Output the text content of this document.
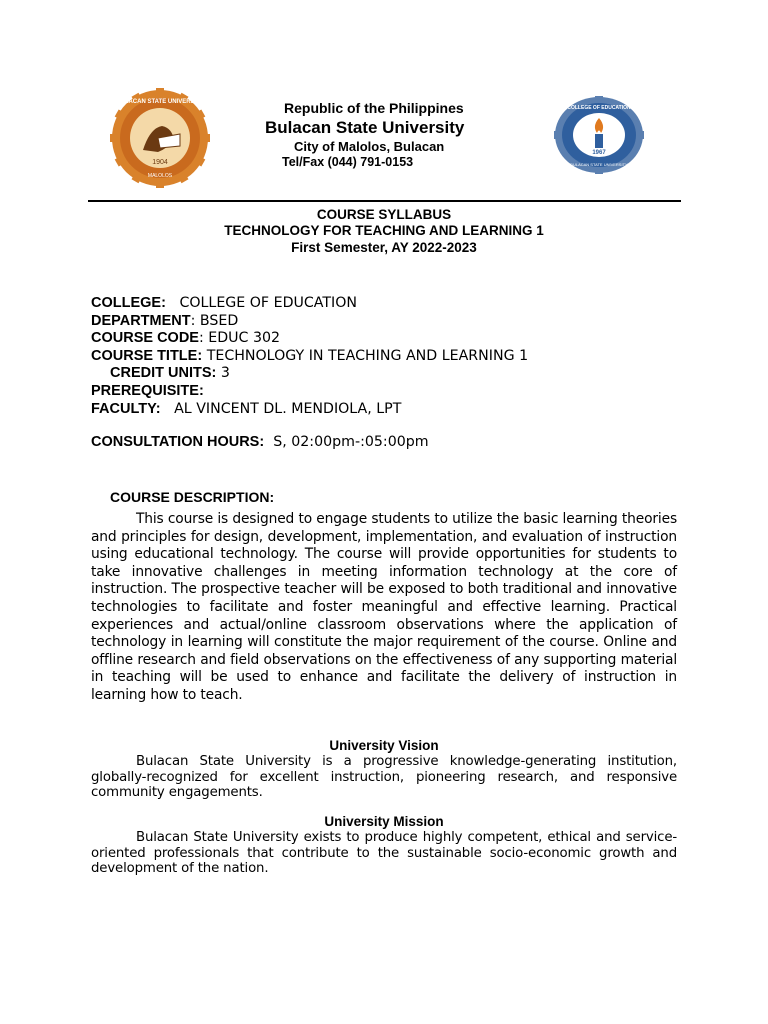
1904
BULACAN STATE UNIVERSITY
MALOLOS
Republic of the Philippines
Bulacan State University
City of Malolos, Bulacan
Tel/Fax (044) 791-0153
1967
COLLEGE OF EDUCATION
BULACAN STATE UNIVERSITY
COURSE SYLLABUS
TECHNOLOGY FOR TEACHING AND LEARNING 1
First Semester, AY 2022-2023
COLLEGE: COLLEGE OF EDUCATION
DEPARTMENT: BSED
COURSE CODE: EDUC 302
COURSE TITLE: TECHNOLOGY IN TEACHING AND LEARNING 1
CREDIT UNITS: 3
PREREQUISITE:
FACULTY: AL VINCENT DL. MENDIOLA, LPT
CONSULTATION HOURS: S, 02:00pm-:05:00pm
COURSE DESCRIPTION:

This course is designed to engage students to utilize the basic learning theories and principles for design, development, implementation, and evaluation of instruction using educational technology. The course will provide opportunities for students to take innovative challenges in meeting information technology at the core of instruction. The prospective teacher will be exposed to both traditional and innovative technologies to facilitate and foster meaningful and effective learning. Practical experiences and actual/online classroom observations where the application of technology in learning will constitute the major requirement of the course. Online and offline research and field observations on the effectiveness of any supporting material in teaching will be used to enhance and facilitate the delivery of instruction in learning how to teach.

University Vision

Bulacan State University is a progressive knowledge-generating institution, globally-recognized for excellent instruction, pioneering research, and responsive community engagements.

University Mission

Bulacan State University exists to produce highly competent, ethical and service- oriented professionals that contribute to the sustainable socio-economic growth and development of the nation.
